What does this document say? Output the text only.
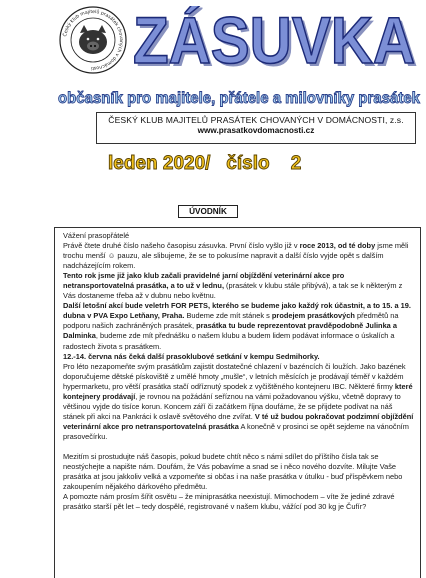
Český klub majitelů prasátek chovaných v domácnosti ZÁSUVKA
ZÁSUVKA
občasník pro majitele, přátele a milovníky prasátek
ČESKÝ KLUB MAJITELŮ PRASÁTEK CHOVANÝCH V DOMÁCNOSTI, z.s.
www.prasatkovdomacnosti.cz
leden 2020/   číslo    2
ÚVODNÍK

Vážení prasopřátelé

Právě čtete druhé číslo našeho časopisu zásuvka. První číslo vyšlo již v roce 2013, od té doby jsme měli trochu menší ☺ pauzu, ale slibujeme, že se to pokusíme napravit a další číslo vyjde opět s dalším nadcházejícím rokem.

Tento rok jsme již jako klub začali pravidelné jarní objíždění veterinární akce pro netransportovatelná prasátka, a to už v lednu, (prasátek v klubu stále přibývá), a tak se k některým z Vás dostaneme třeba až v dubnu nebo květnu.

Další letošní akcí bude veletrh FOR PETS, kterého se budeme jako každý rok účastnit, a to 15. a 19. dubna v PVA Expo Letňany, Praha. Budeme zde mít stánek s prodejem prasátkových předmětů na podporu našich zachráněných prasátek, prasátka tu bude reprezentovat pravděpodobně Julinka a Dalminka, budeme zde mít přednášku o našem klubu a budem lidem podávat informace o úskalích a radostech života s prasátkem.

12.-14. června nás čeká další prasoklubové setkání v kempu Sedmihorky.

Pro léto nezapomeňte svým prasátkům zajistit dostatečné chlazení v bazéncích či loužích. Jako bazének doporučujeme dětské pískoviště z umělé hmoty „mušle“, v letních měsících je prodávají téměř v každém hypermarketu, pro větší prasátka stačí odříznutý spodek z vyčištěného kontejneru IBC. Některé firmy které kontejnery prodávají, je rovnou na požádání seříznou na vámi požadovanou výšku, včetně dopravy to většinou vyjde do tisíce korun. Koncem září či začátkem října doufáme, že se přijdete podívat na náš stánek při akci na Pankráci k oslavě světového dne zvířat. V té už budou pokračovat podzimní objíždění veterinární akce pro netransportovatelná prasátka A konečně v prosinci se opět sejdeme na vánočním prasovečírku.

Mezitím si prostudujte náš časopis, pokud budete chtít něco s námi sdílet do příštího čísla tak se neostýchejte a napište nám. Doufám, že Vás pobavíme a snad se i něco nového dozvíte. Milujte Vaše prasátka at jsou jakkoliv velká a vzpomeňte si občas i na naše prasátka v útulku - buď příspěvkem nebo zakoupením nějakého dárkového předmětu.

A pomozte nám prosím šířit osvětu – že miniprasátka neexistují. Mimochodem – víte že jediné zdravé prasátko starší pět let – tedy dospělé, registrované v našem klubu, vážící pod 30 kg je Čufír?
